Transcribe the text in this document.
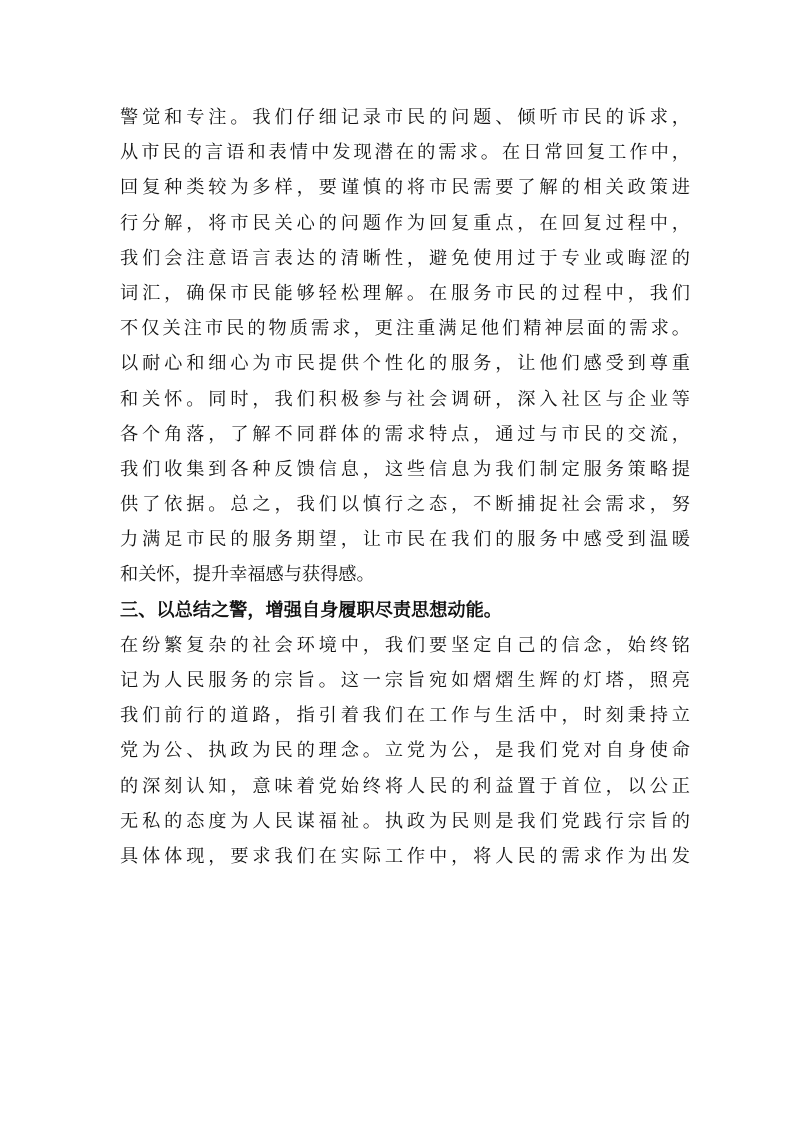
警觉和专注。我们仔细记录市民的问题、倾听市民的诉求，
从市民的言语和表情中发现潜在的需求。在日常回复工作中，
回复种类较为多样，要谨慎的将市民需要了解的相关政策进
行分解，将市民关心的问题作为回复重点，在回复过程中，
我们会注意语言表达的清晰性，避免使用过于专业或晦涩的
词汇，确保市民能够轻松理解。在服务市民的过程中，我们
不仅关注市民的物质需求，更注重满足他们精神层面的需求。
以耐心和细心为市民提供个性化的服务，让他们感受到尊重
和关怀。同时，我们积极参与社会调研，深入社区与企业等
各个角落，了解不同群体的需求特点，通过与市民的交流，
我们收集到各种反馈信息，这些信息为我们制定服务策略提
供了依据。总之，我们以慎行之态，不断捕捉社会需求，努
力满足市民的服务期望，让市民在我们的服务中感受到温暖
和关怀，提升幸福感与获得感。
三、以总结之警，增强自身履职尽责思想动能。
在纷繁复杂的社会环境中，我们要坚定自己的信念，始终铭
记为人民服务的宗旨。这一宗旨宛如熠熠生辉的灯塔，照亮
我们前行的道路，指引着我们在工作与生活中，时刻秉持立
党为公、执政为民的理念。立党为公，是我们党对自身使命
的深刻认知，意味着党始终将人民的利益置于首位，以公正
无私的态度为人民谋福祉。执政为民则是我们党践行宗旨的
具体体现，要求我们在实际工作中，将人民的需求作为出发
